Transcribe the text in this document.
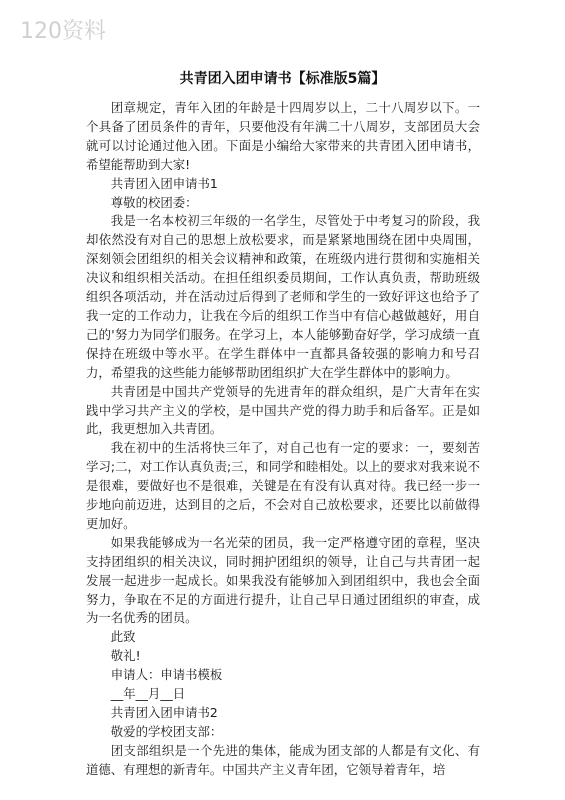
120资料
共青团入团申请书【标准版5篇】

团章规定，青年入团的年龄是十四周岁以上，二十八周岁以下。一个具备了团员条件的青年，只要他没有年满二十八周岁，支部团员大会就可以讨论通过他入团。下面是小编给大家带来的共青团入团申请书，希望能帮助到大家!

共青团入团申请书1

尊敬的校团委：

我是一名本校初三年级的一名学生，尽管处于中考复习的阶段，我却依然没有对自己的思想上放松要求，而是紧紧地围绕在团中央周围，深刻领会团组织的相关会议精神和政策，在班级内进行贯彻和实施相关决议和组织相关活动。在担任组织委员期间，工作认真负责，帮助班级组织各项活动，并在活动过后得到了老师和学生的一致好评这也给予了我一定的工作动力，让我在今后的组织工作当中有信心越做越好，用自己的'努力为同学们服务。在学习上，本人能够勤奋好学，学习成绩一直保持在班级中等水平。在学生群体中一直都具备较强的影响力和号召力，希望我的这些能力能够帮助团组织扩大在学生群体中的影响力。

共青团是中国共产党领导的先进青年的群众组织，是广大青年在实践中学习共产主义的学校，是中国共产党的得力助手和后备军。正是如此，我更想加入共青团。

我在初中的生活将快三年了，对自己也有一定的要求：一，要刻苦学习;二，对工作认真负责;三，和同学和睦相处。以上的要求对我来说不是很难，要做好也不是很难，关键是在有没有认真对待。我已经一步一步地向前迈进，达到目的之后，不会对自己放松要求，还要比以前做得更加好。

如果我能够成为一名光荣的团员，我一定严格遵守团的章程，坚决支持团组织的相关决议，同时拥护团组织的领导，让自己与共青团一起发展一起进步一起成长。如果我没有能够加入到团组织中，我也会全面努力，争取在不足的方面进行提升，让自己早日通过团组织的审查，成为一名优秀的团员。

此致

敬礼!

申请人：申请书模板

__年__月__日

共青团入团申请书2

敬爱的学校团支部：

团支部组织是一个先进的集体，能成为团支部的人都是有文化、有道德、有理想的新青年。中国共产主义青年团，它领导着青年，培
